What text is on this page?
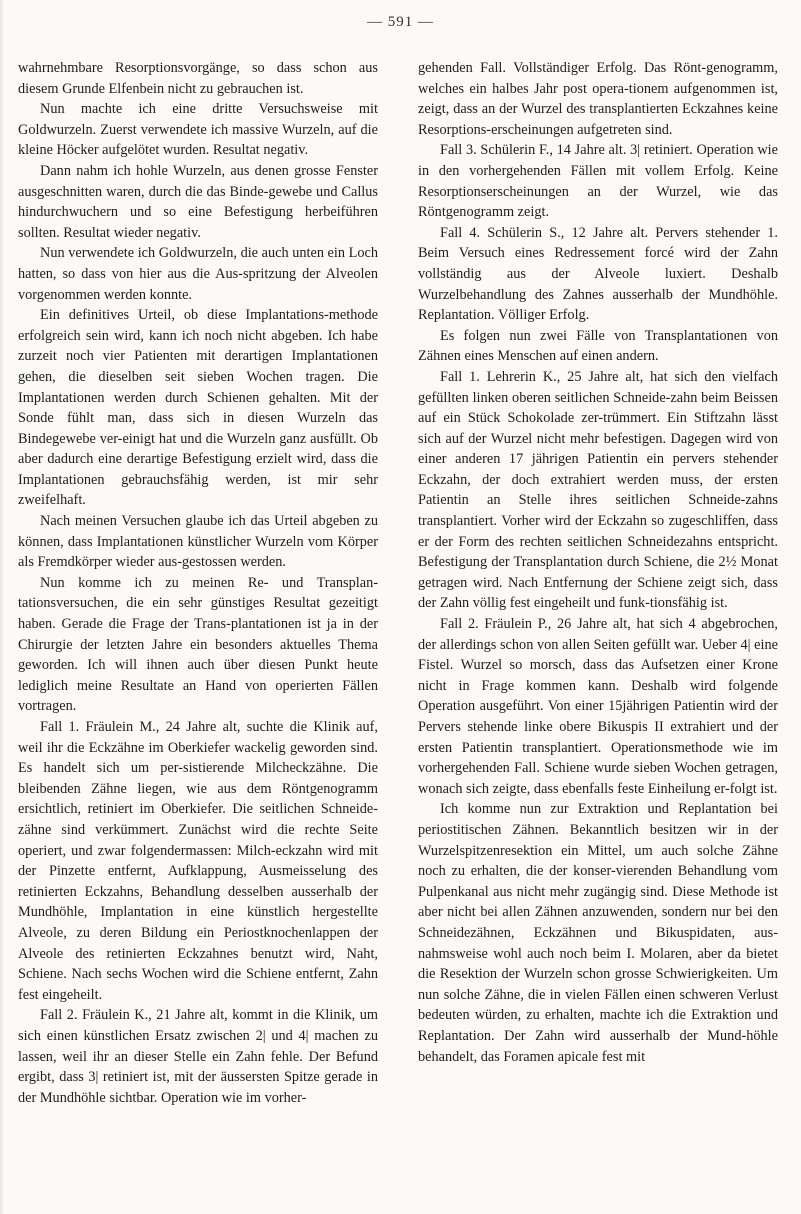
— 591 —

wahrnehmbare Resorptionsvorgänge, so dass schon aus diesem Grunde Elfenbein nicht zu gebrauchen ist.

Nun machte ich eine dritte Versuchsweise mit Goldwurzeln. Zuerst verwendete ich massive Wurzeln, auf die kleine Höcker aufgelötet wurden. Resultat negativ.

Dann nahm ich hohle Wurzeln, aus denen grosse Fenster ausgeschnitten waren, durch die das Binde-gewebe und Callus hindurchwuchern und so eine Befestigung herbeiführen sollten. Resultat wieder negativ.

Nun verwendete ich Goldwurzeln, die auch unten ein Loch hatten, so dass von hier aus die Aus-spritzung der Alveolen vorgenommen werden konnte.

Ein definitives Urteil, ob diese Implantations-methode erfolgreich sein wird, kann ich noch nicht abgeben. Ich habe zurzeit noch vier Patienten mit derartigen Implantationen gehen, die dieselben seit sieben Wochen tragen. Die Implantationen werden durch Schienen gehalten. Mit der Sonde fühlt man, dass sich in diesen Wurzeln das Bindegewebe ver-einigt hat und die Wurzeln ganz ausfüllt. Ob aber dadurch eine derartige Befestigung erzielt wird, dass die Implantationen gebrauchsfähig werden, ist mir sehr zweifelhaft.

Nach meinen Versuchen glaube ich das Urteil abgeben zu können, dass Implantationen künstlicher Wurzeln vom Körper als Fremdkörper wieder aus-gestossen werden.

Nun komme ich zu meinen Re- und Transplan-tationsversuchen, die ein sehr günstiges Resultat gezeitigt haben. Gerade die Frage der Trans-plantationen ist ja in der Chirurgie der letzten Jahre ein besonders aktuelles Thema geworden. Ich will ihnen auch über diesen Punkt heute lediglich meine Resultate an Hand von operierten Fällen vortragen.

Fall 1. Fräulein M., 24 Jahre alt, suchte die Klinik auf, weil ihr die Eckzähne im Oberkiefer wackelig geworden sind. Es handelt sich um per-sistierende Milcheckzähne. Die bleibenden Zähne liegen, wie aus dem Röntgenogramm ersichtlich, retiniert im Oberkiefer. Die seitlichen Schneide-zähne sind verkümmert. Zunächst wird die rechte Seite operiert, und zwar folgendermassen: Milch-eckzahn wird mit der Pinzette entfernt, Aufklappung, Ausmeisselung des retinierten Eckzahns, Behandlung desselben ausserhalb der Mundhöhle, Implantation in eine künstlich hergestellte Alveole, zu deren Bildung ein Periostknochenlappen der Alveole des retinierten Eckzahnes benutzt wird, Naht, Schiene. Nach sechs Wochen wird die Schiene entfernt, Zahn fest eingeheilt.

Fall 2. Fräulein K., 21 Jahre alt, kommt in die Klinik, um sich einen künstlichen Ersatz zwischen 2| und 4| machen zu lassen, weil ihr an dieser Stelle ein Zahn fehle. Der Befund ergibt, dass 3| retiniert ist, mit der äussersten Spitze gerade in der Mundhöhle sichtbar. Operation wie im vorher-

gehenden Fall. Vollständiger Erfolg. Das Rönt-genogramm, welches ein halbes Jahr post opera-tionem aufgenommen ist, zeigt, dass an der Wurzel des transplantierten Eckzahnes keine Resorptions-erscheinungen aufgetreten sind.

Fall 3. Schülerin F., 14 Jahre alt. 3| retiniert. Operation wie in den vorhergehenden Fällen mit vollem Erfolg. Keine Resorptionserscheinungen an der Wurzel, wie das Röntgenogramm zeigt.

Fall 4. Schülerin S., 12 Jahre alt. Pervers stehender 1. Beim Versuch eines Redressement forcé wird der Zahn vollständig aus der Alveole luxiert. Deshalb Wurzelbehandlung des Zahnes ausserhalb der Mundhöhle. Replantation. Völliger Erfolg.

Es folgen nun zwei Fälle von Transplantationen von Zähnen eines Menschen auf einen andern.

Fall 1. Lehrerin K., 25 Jahre alt, hat sich den vielfach gefüllten linken oberen seitlichen Schneide-zahn beim Beissen auf ein Stück Schokolade zer-trümmert. Ein Stiftzahn lässt sich auf der Wurzel nicht mehr befestigen. Dagegen wird von einer anderen 17 jährigen Patientin ein pervers stehender Eckzahn, der doch extrahiert werden muss, der ersten Patientin an Stelle ihres seitlichen Schneide-zahns transplantiert. Vorher wird der Eckzahn so zugeschliffen, dass er der Form des rechten seitlichen Schneidezahns entspricht. Befestigung der Transplantation durch Schiene, die 2½ Monat getragen wird. Nach Entfernung der Schiene zeigt sich, dass der Zahn völlig fest eingeheilt und funk-tionsfähig ist.

Fall 2. Fräulein P., 26 Jahre alt, hat sich 4 abgebrochen, der allerdings schon von allen Seiten gefüllt war. Ueber 4| eine Fistel. Wurzel so morsch, dass das Aufsetzen einer Krone nicht in Frage kommen kann. Deshalb wird folgende Operation ausgeführt. Von einer 15jährigen Patientin wird der Pervers stehende linke obere Bikuspis II extrahiert und der ersten Patientin transplantiert. Operationsmethode wie im vorhergehenden Fall. Schiene wurde sieben Wochen getragen, wonach sich zeigte, dass ebenfalls feste Einheilung er-folgt ist.

Ich komme nun zur Extraktion und Replantation bei periostitischen Zähnen. Bekanntlich besitzen wir in der Wurzelspitzenresektion ein Mittel, um auch solche Zähne noch zu erhalten, die der konser-vierenden Behandlung vom Pulpenkanal aus nicht mehr zugängig sind. Diese Methode ist aber nicht bei allen Zähnen anzuwenden, sondern nur bei den Schneidezähnen, Eckzähnen und Bikuspidaten, aus-nahmsweise wohl auch noch beim I. Molaren, aber da bietet die Resektion der Wurzeln schon grosse Schwierigkeiten. Um nun solche Zähne, die in vielen Fällen einen schweren Verlust bedeuten würden, zu erhalten, machte ich die Extraktion und Replantation. Der Zahn wird ausserhalb der Mund-höhle behandelt, das Foramen apicale fest mit
